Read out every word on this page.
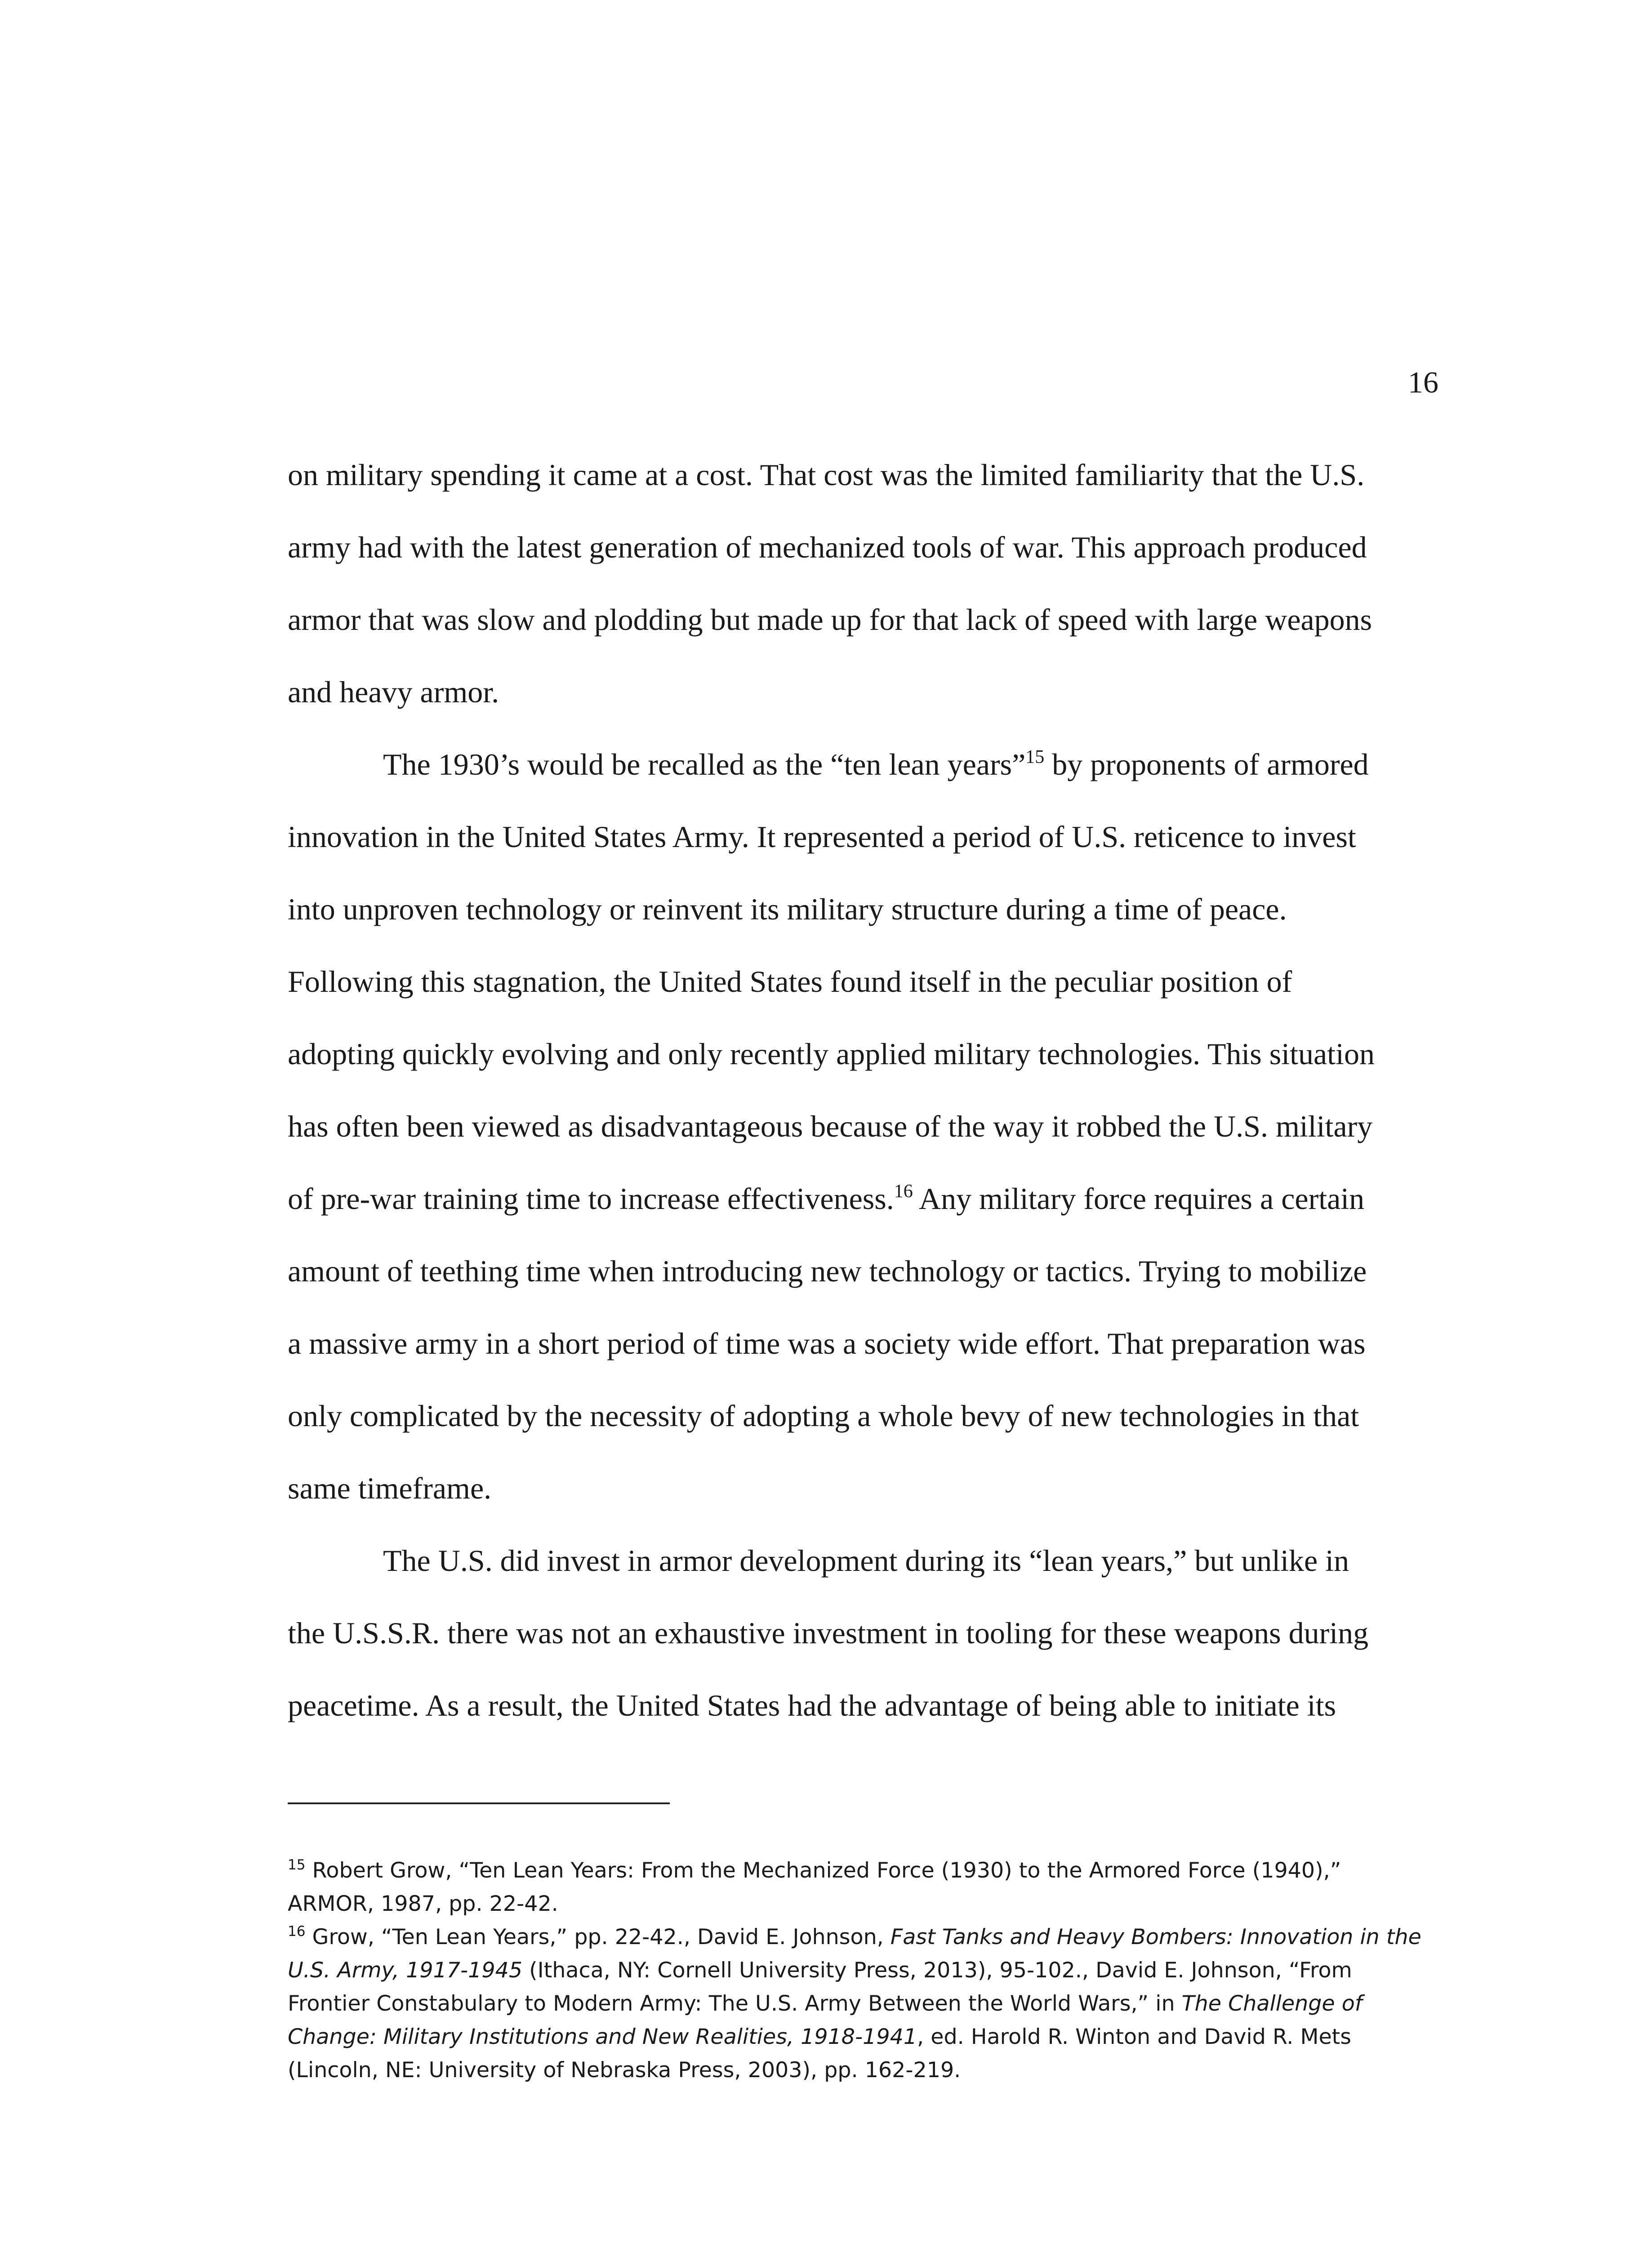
16
on military spending it came at a cost. That cost was the limited familiarity that the U.S.
army had with the latest generation of mechanized tools of war. This approach produced
armor that was slow and plodding but made up for that lack of speed with large weapons
and heavy armor.
The 1930’s would be recalled as the “ten lean years”$^{15}$ by proponents of armored
innovation in the United States Army. It represented a period of U.S. reticence to invest
into unproven technology or reinvent its military structure during a time of peace.
Following this stagnation, the United States found itself in the peculiar position of
adopting quickly evolving and only recently applied military technologies. This situation
has often been viewed as disadvantageous because of the way it robbed the U.S. military
of pre-war training time to increase effectiveness.$^{16}$ Any military force requires a certain
amount of teething time when introducing new technology or tactics. Trying to mobilize
a massive army in a short period of time was a society wide effort. That preparation was
only complicated by the necessity of adopting a whole bevy of new technologies in that
same timeframe.
The U.S. did invest in armor development during its “lean years,” but unlike in
the U.S.S.R. there was not an exhaustive investment in tooling for these weapons during
peacetime. As a result, the United States had the advantage of being able to initiate its
$^{15}$ Robert Grow, “Ten Lean Years: From the Mechanized Force (1930) to the Armored Force (1940),”
ARMOR, 1987, pp. 22-42.
$^{16}$ Grow, “Ten Lean Years,” pp. 22-42., David E. Johnson, Fast Tanks and Heavy Bombers: Innovation in the
U.S. Army, 1917-1945 (Ithaca, NY: Cornell University Press, 2013), 95-102., David E. Johnson, “From
Frontier Constabulary to Modern Army: The U.S. Army Between the World Wars,” in The Challenge of
Change: Military Institutions and New Realities, 1918-1941, ed. Harold R. Winton and David R. Mets
(Lincoln, NE: University of Nebraska Press, 2003), pp. 162-219.
